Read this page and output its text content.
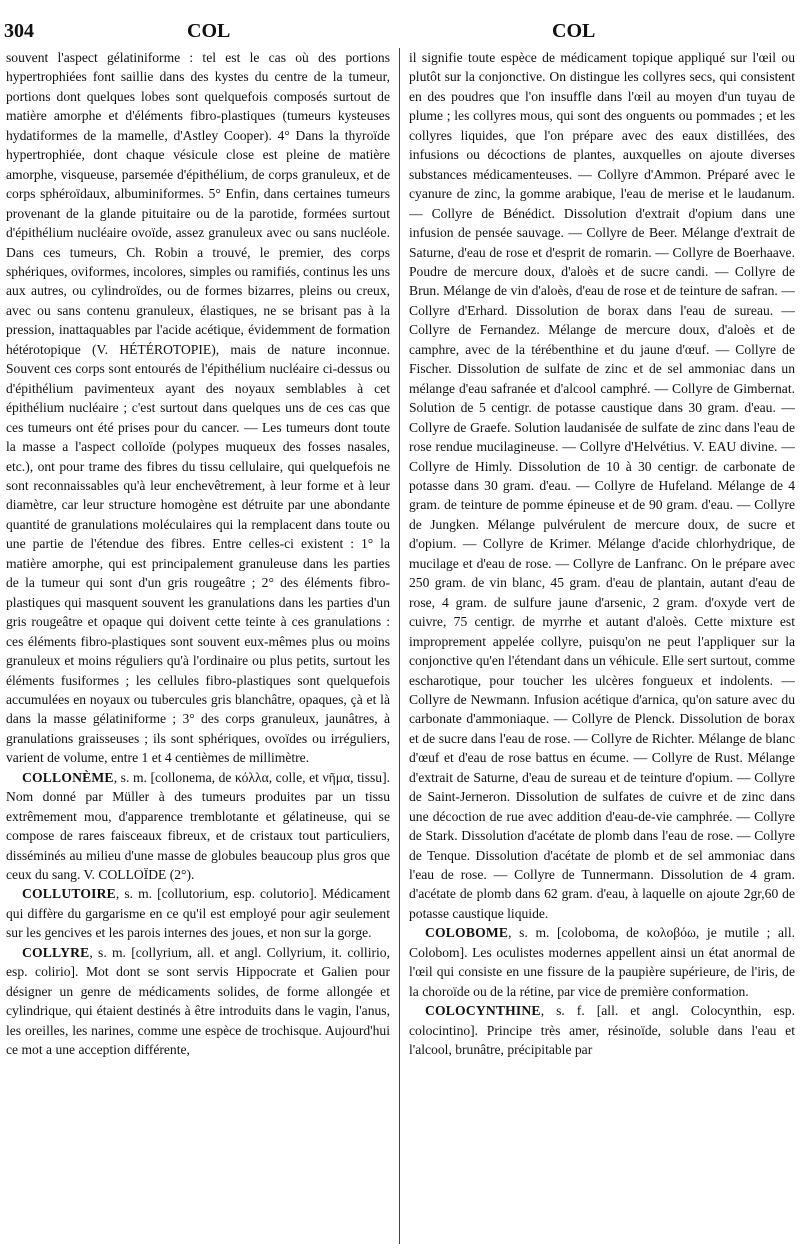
304	COL	COL

souvent l'aspect gélatiniforme : tel est le cas où des portions hypertrophiées font saillie dans des kystes du centre de la tumeur, portions dont quelques lobes sont quelquefois composés surtout de matière amorphe et d'éléments fibro-plastiques (tumeurs kysteuses hydatiformes de la mamelle, d'Astley Cooper). 4° Dans la thyroïde hypertrophiée, dont chaque vésicule close est pleine de matière amorphe, visqueuse, parsemée d'épithélium, de corps granuleux, et de corps sphéroïdaux, albuminiformes. 5° Enfin, dans certaines tumeurs provenant de la glande pituitaire ou de la parotide, formées surtout d'épithélium nucléaire ovoïde, assez granuleux avec ou sans nucléole. Dans ces tumeurs, Ch. Robin a trouvé, le premier, des corps sphériques, oviformes, incolores, simples ou ramifiés, continus les uns aux autres, ou cylindroïdes, ou de formes bizarres, pleins ou creux, avec ou sans contenu granuleux, élastiques, ne se brisant pas à la pression, inattaquables par l'acide acétique, évidemment de formation hétérotopique (V. HÉTÉROTOPIE), mais de nature inconnue. Souvent ces corps sont entourés de l'épithélium nucléaire ci-dessus ou d'épithélium pavimenteux ayant des noyaux semblables à cet épithélium nucléaire ; c'est surtout dans quelques uns de ces cas que ces tumeurs ont été prises pour du cancer. — Les tumeurs dont toute la masse a l'aspect colloïde (polypes muqueux des fosses nasales, etc.), ont pour trame des fibres du tissu cellulaire, qui quelquefois ne sont reconnaissables qu'à leur enchevêtrement, à leur forme et à leur diamètre, car leur structure homogène est détruite par une abondante quantité de granulations moléculaires qui la remplacent dans toute ou une partie de l'étendue des fibres. Entre celles-ci existent : 1° la matière amorphe, qui est principalement granuleuse dans les parties de la tumeur qui sont d'un gris rougeâtre ; 2° des éléments fibro-plastiques qui masquent souvent les granulations dans les parties d'un gris rougeâtre et opaque qui doivent cette teinte à ces granulations : ces éléments fibro-plastiques sont souvent eux-mêmes plus ou moins granuleux et moins réguliers qu'à l'ordinaire ou plus petits, surtout les éléments fusiformes ; les cellules fibro-plastiques sont quelquefois accumulées en noyaux ou tubercules gris blanchâtre, opaques, çà et là dans la masse gélatiniforme ; 3° des corps granuleux, jaunâtres, à granulations graisseuses ; ils sont sphériques, ovoïdes ou irréguliers, varient de volume, entre 1 et 4 centièmes de millimètre.

COLLONÈME, s. m. [collonema, de κόλλα, colle, et νῆμα, tissu]. Nom donné par Müller à des tumeurs produites par un tissu extrêmement mou, d'apparence tremblotante et gélatineuse, qui se compose de rares faisceaux fibreux, et de cristaux tout particuliers, disséminés au milieu d'une masse de globules beaucoup plus gros que ceux du sang. V. COLLOÏDE (2°).

COLLUTOIRE, s. m. [collutorium, esp. colutorio]. Médicament qui diffère du gargarisme en ce qu'il est employé pour agir seulement sur les gencives et les parois internes des joues, et non sur la gorge.

COLLYRE, s. m. [collyrium, all. et angl. Collyrium, it. collirio, esp. colirio]. Mot dont se sont servis Hippocrate et Galien pour désigner un genre de médicaments solides, de forme allongée et cylindrique, qui étaient destinés à être introduits dans le vagin, l'anus, les oreilles, les narines, comme une espèce de trochisque. Aujourd'hui ce mot a une acception différente,

il signifie toute espèce de médicament topique appliqué sur l'œil ou plutôt sur la conjonctive. On distingue les collyres secs, qui consistent en des poudres que l'on insuffle dans l'œil au moyen d'un tuyau de plume ; les collyres mous, qui sont des onguents ou pommades ; et les collyres liquides, que l'on prépare avec des eaux distillées, des infusions ou décoctions de plantes, auxquelles on ajoute diverses substances médicamenteuses. — Collyre d'Ammon. Préparé avec le cyanure de zinc, la gomme arabique, l'eau de merise et le laudanum. — Collyre de Bénédict. Dissolution d'extrait d'opium dans une infusion de pensée sauvage. — Collyre de Beer. Mélange d'extrait de Saturne, d'eau de rose et d'esprit de romarin. — Collyre de Boerhaave. Poudre de mercure doux, d'aloès et de sucre candi. — Collyre de Brun. Mélange de vin d'aloès, d'eau de rose et de teinture de safran. — Collyre d'Erhard. Dissolution de borax dans l'eau de sureau. — Collyre de Fernandez. Mélange de mercure doux, d'aloès et de camphre, avec de la térébenthine et du jaune d'œuf. — Collyre de Fischer. Dissolution de sulfate de zinc et de sel ammoniac dans un mélange d'eau safranée et d'alcool camphré. — Collyre de Gimbernat. Solution de 5 centigr. de potasse caustique dans 30 gram. d'eau. — Collyre de Graefe. Solution laudanisée de sulfate de zinc dans l'eau de rose rendue mucilagineuse. — Collyre d'Helvétius. V. EAU divine. — Collyre de Himly. Dissolution de 10 à 30 centigr. de carbonate de potasse dans 30 gram. d'eau. — Collyre de Hufeland. Mélange de 4 gram. de teinture de pomme épineuse et de 90 gram. d'eau. — Collyre de Jungken. Mélange pulvérulent de mercure doux, de sucre et d'opium. — Collyre de Krimer. Mélange d'acide chlorhydrique, de mucilage et d'eau de rose. — Collyre de Lanfranc. On le prépare avec 250 gram. de vin blanc, 45 gram. d'eau de plantain, autant d'eau de rose, 4 gram. de sulfure jaune d'arsenic, 2 gram. d'oxyde vert de cuivre, 75 centigr. de myrrhe et autant d'aloès. Cette mixture est improprement appelée collyre, puisqu'on ne peut l'appliquer sur la conjonctive qu'en l'étendant dans un véhicule. Elle sert surtout, comme escharotique, pour toucher les ulcères fongueux et indolents. — Collyre de Newmann. Infusion acétique d'arnica, qu'on sature avec du carbonate d'ammoniaque. — Collyre de Plenck. Dissolution de borax et de sucre dans l'eau de rose. — Collyre de Richter. Mélange de blanc d'œuf et d'eau de rose battus en écume. — Collyre de Rust. Mélange d'extrait de Saturne, d'eau de sureau et de teinture d'opium. — Collyre de Saint-Jerneron. Dissolution de sulfates de cuivre et de zinc dans une décoction de rue avec addition d'eau-de-vie camphrée. — Collyre de Stark. Dissolution d'acétate de plomb dans l'eau de rose. — Collyre de Tenque. Dissolution d'acétate de plomb et de sel ammoniac dans l'eau de rose. — Collyre de Tunnermann. Dissolution de 4 gram. d'acétate de plomb dans 62 gram. d'eau, à laquelle on ajoute 2gr,60 de potasse caustique liquide.

COLOBOME, s. m. [coloboma, de κολοβόω, je mutile ; all. Colobom]. Les oculistes modernes appellent ainsi un état anormal de l'œil qui consiste en une fissure de la paupière supérieure, de l'iris, de la choroïde ou de la rétine, par vice de première conformation.

COLOCYNTHINE, s. f. [all. et angl. Colocynthin, esp. colocintino]. Principe très amer, résinoïde, soluble dans l'eau et l'alcool, brunâtre, précipitable par
